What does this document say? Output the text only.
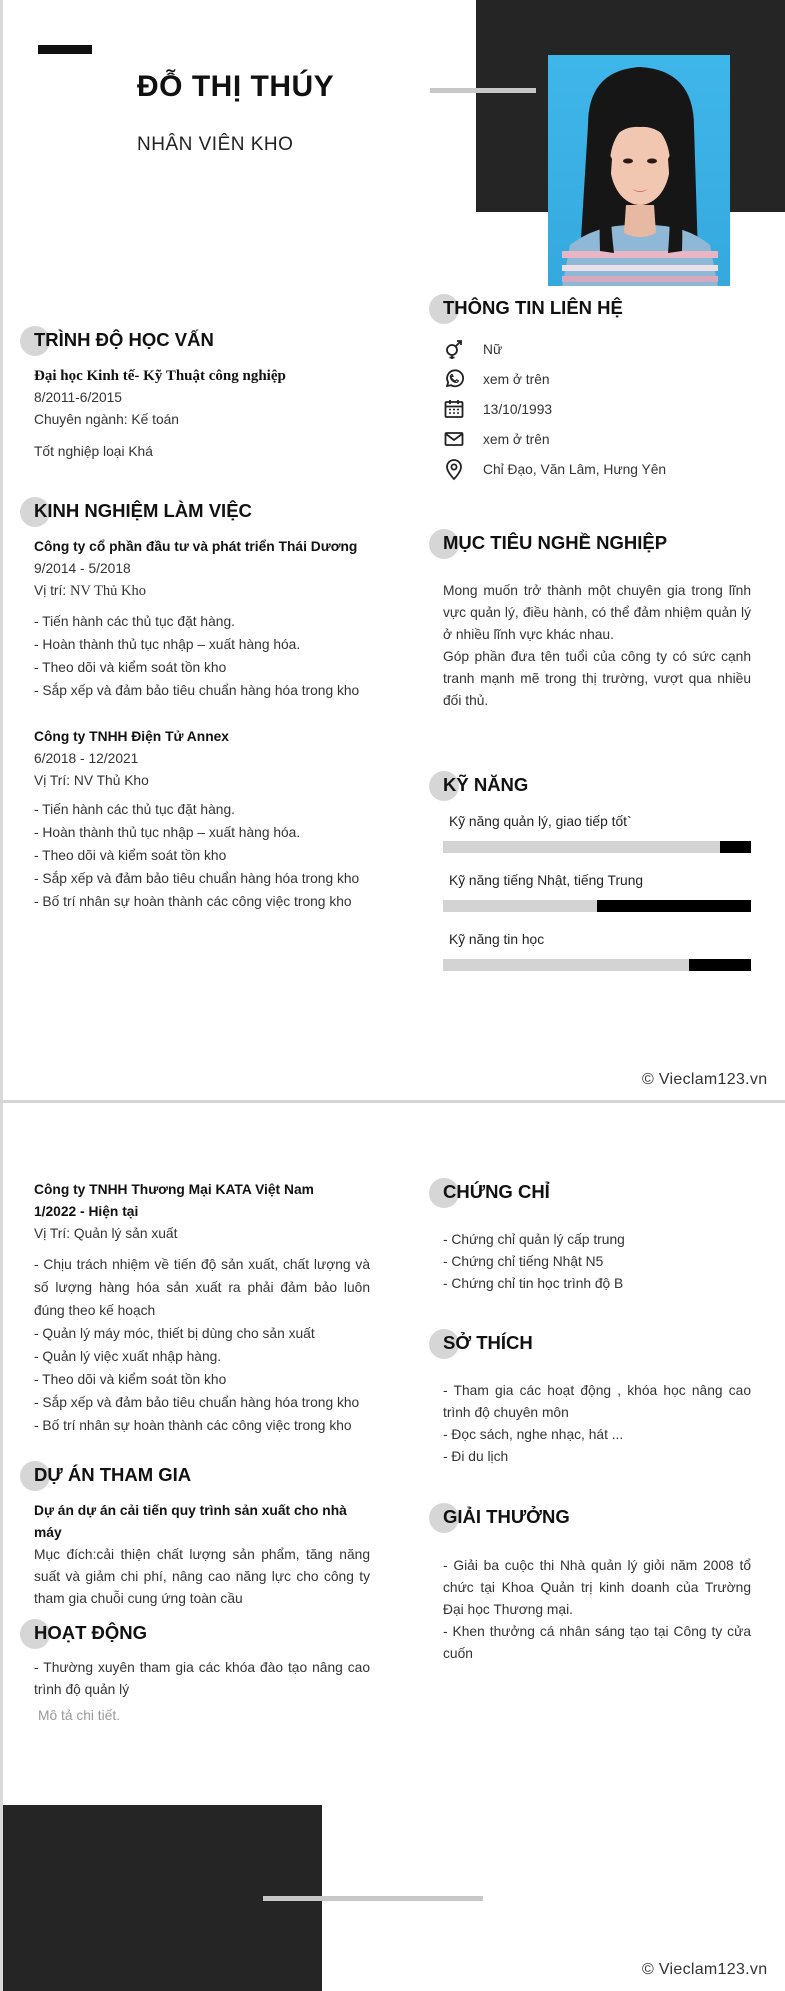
ĐỖ THỊ THÚY
NHÂN VIÊN KHO
TRÌNH ĐỘ HỌC VẤN
Đại học Kinh tế- Kỹ Thuật công nghiệp
8/2011-6/2015
Chuyên ngành: Kế toán
Tốt nghiệp loại Khá
KINH NGHIỆM LÀM VIỆC
Công ty cổ phần đầu tư và phát triển Thái Dương
9/2014 - 5/2018
Vị trí: NV Thủ Kho
- Tiến hành các thủ tục đặt hàng.
- Hoàn thành thủ tục nhập – xuất hàng hóa.
- Theo dõi và kiểm soát tồn kho
- Sắp xếp và đảm bảo tiêu chuẩn hàng hóa trong kho
Công ty TNHH Điện Tử Annex
6/2018 - 12/2021
Vị Trí: NV Thủ Kho
- Tiến hành các thủ tục đặt hàng.
- Hoàn thành thủ tục nhập – xuất hàng hóa.
- Theo dõi và kiểm soát tồn kho
- Sắp xếp và đảm bảo tiêu chuẩn hàng hóa trong kho
- Bố trí nhân sự hoàn thành các công việc trong kho
THÔNG TIN LIÊN HỆ
Nữ
xem ở trên
13/10/1993
xem ở trên
Chỉ Đạo, Văn Lâm, Hưng Yên
MỤC TIÊU NGHỀ NGHIỆP
Mong muốn trở thành một chuyên gia trong lĩnh vực quản lý, điều hành, có thể đảm nhiệm quản lý ở nhiều lĩnh vực khác nhau.
Góp phần đưa tên tuổi của công ty có sức cạnh tranh mạnh mẽ trong thị trường, vượt qua nhiều đối thủ.
KỸ NĂNG
Kỹ năng quản lý, giao tiếp tốt`
Kỹ năng tiếng Nhật, tiếng Trung
Kỹ năng tin học
© Vieclam123.vn
Công ty TNHH Thương Mại KATA Việt Nam
1/2022 - Hiện tại
Vị Trí: Quản lý sản xuất
- Chịu trách nhiệm về tiến độ sản xuất, chất lượng và số lượng hàng hóa sản xuất ra phải đảm bảo luôn đúng theo kế hoạch
- Quản lý máy móc, thiết bị dùng cho sản xuất
- Quản lý việc xuất nhập hàng.
- Theo dõi và kiểm soát tồn kho
- Sắp xếp và đảm bảo tiêu chuẩn hàng hóa trong kho
- Bố trí nhân sự hoàn thành các công việc trong kho
DỰ ÁN THAM GIA
Dự án dự án cải tiến quy trình sản xuất cho nhà máy
Mục đích:cải thiện chất lượng sản phẩm, tăng năng suất và giảm chi phí, nâng cao năng lực cho công ty tham gia chuỗi cung ứng toàn cầu
HOẠT ĐỘNG
- Thường xuyên tham gia các khóa đào tạo nâng cao trình độ quản lý
Mô tả chi tiết.
CHỨNG CHỈ
- Chứng chỉ quản lý cấp trung
- Chứng chỉ tiếng Nhật N5
- Chứng chỉ tin học trình độ B
SỞ THÍCH
- Tham gia các hoạt động , khóa học nâng cao trình độ chuyên môn
- Đọc sách, nghe nhạc, hát ...
- Đi du lịch
GIẢI THƯỞNG
- Giải ba cuộc thi Nhà quản lý giỏi năm 2008 tổ chức tại Khoa Quản trị kinh doanh của Trường Đại học Thương mại.
- Khen thưởng cá nhân sáng tạo tại Công ty cửa cuốn
© Vieclam123.vn
